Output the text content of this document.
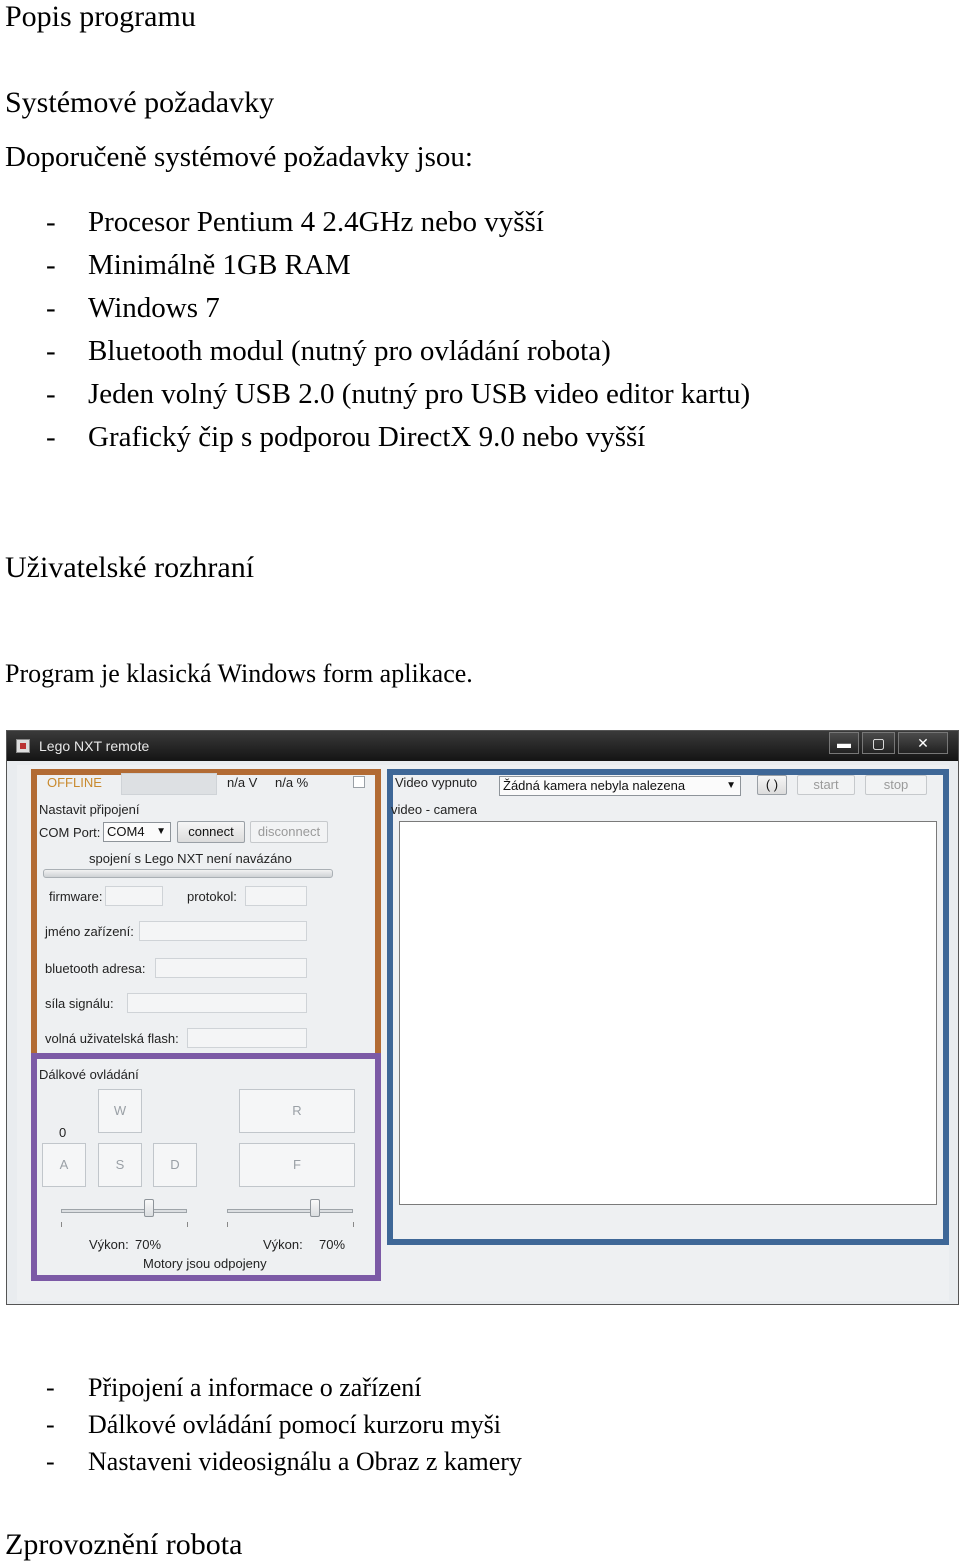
Popis programu
Systémové požadavky
Doporučeně systémové požadavky jsou:
- Procesor Pentium 4 2.4GHz nebo vyšší
- Minimálně 1GB RAM
- Windows 7
- Bluetooth modul (nutný pro ovládání robota)
- Jeden volný USB 2.0 (nutný pro USB video editor kartu)
- Grafický čip s podporou DirectX 9.0 nebo vyšší
Uživatelské rozhraní
Program je klasická Windows form aplikace.
Lego NXT remote	▬	▢	✕
OFFLINE	n/a V n/a %
Nastavit připojení
COM Port: COM4 ▼	connect	disconnect
spojení s Lego NXT není navázáno
firmware:	protokol:
jméno zařízení:
bluetooth adresa:
síla signálu:
volná uživatelská flash:
Dálkové ovládání
0
W
A	S	D
R
F
Výkon: 70%	Výkon: 70%
Motory jsou odpojeny
Video vypnuto	Žádná kamera nebyla nalezena	▼	( )	start	stop
video - camera
- Připojení a informace o zařízení
- Dálkové ovládání pomocí kurzoru myši
- Nastaveni videosignálu a Obraz z kamery
Zprovoznění robota
